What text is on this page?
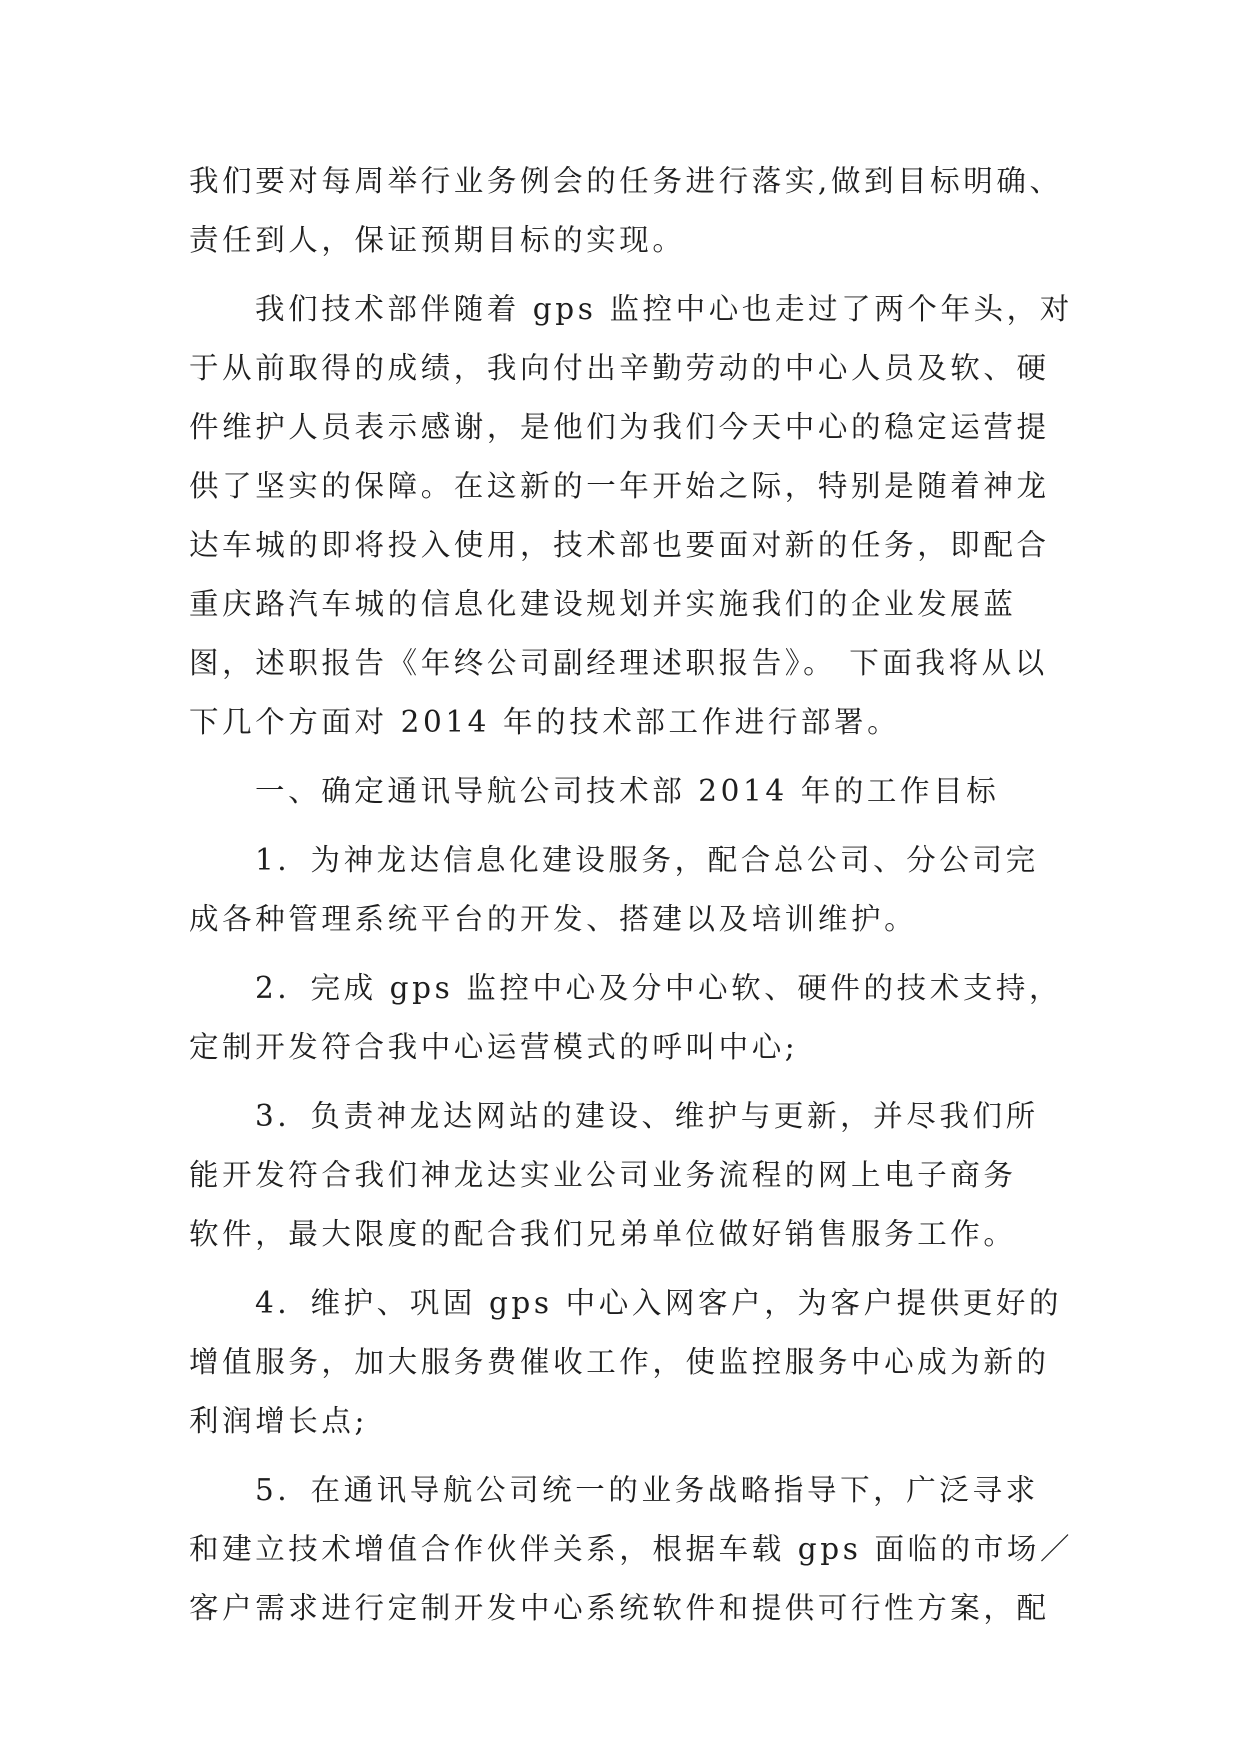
我们要对每周举行业务例会的任务进行落实,做到目标明确、
责任到人，保证预期目标的实现。
我们技术部伴随着 gps 监控中心也走过了两个年头，对
于从前取得的成绩，我向付出辛勤劳动的中心人员及软、硬
件维护人员表示感谢，是他们为我们今天中心的稳定运营提
供了坚实的保障。在这新的一年开始之际，特别是随着神龙
达车城的即将投入使用，技术部也要面对新的任务，即配合
重庆路汽车城的信息化建设规划并实施我们的企业发展蓝
图，述职报告《年终公司副经理述职报告》。 下面我将从以
下几个方面对 2014 年的技术部工作进行部署。
一、确定通讯导航公司技术部 2014 年的工作目标
1．为神龙达信息化建设服务，配合总公司、分公司完
成各种管理系统平台的开发、搭建以及培训维护。
2．完成 gps 监控中心及分中心软、硬件的技术支持，
定制开发符合我中心运营模式的呼叫中心;
3．负责神龙达网站的建设、维护与更新，并尽我们所
能开发符合我们神龙达实业公司业务流程的网上电子商务
软件，最大限度的配合我们兄弟单位做好销售服务工作。
4．维护、巩固 gps 中心入网客户，为客户提供更好的
增值服务，加大服务费催收工作，使监控服务中心成为新的
利润增长点;
5．在通讯导航公司统一的业务战略指导下，广泛寻求
和建立技术增值合作伙伴关系，根据车载 gps 面临的市场／
客户需求进行定制开发中心系统软件和提供可行性方案，配
